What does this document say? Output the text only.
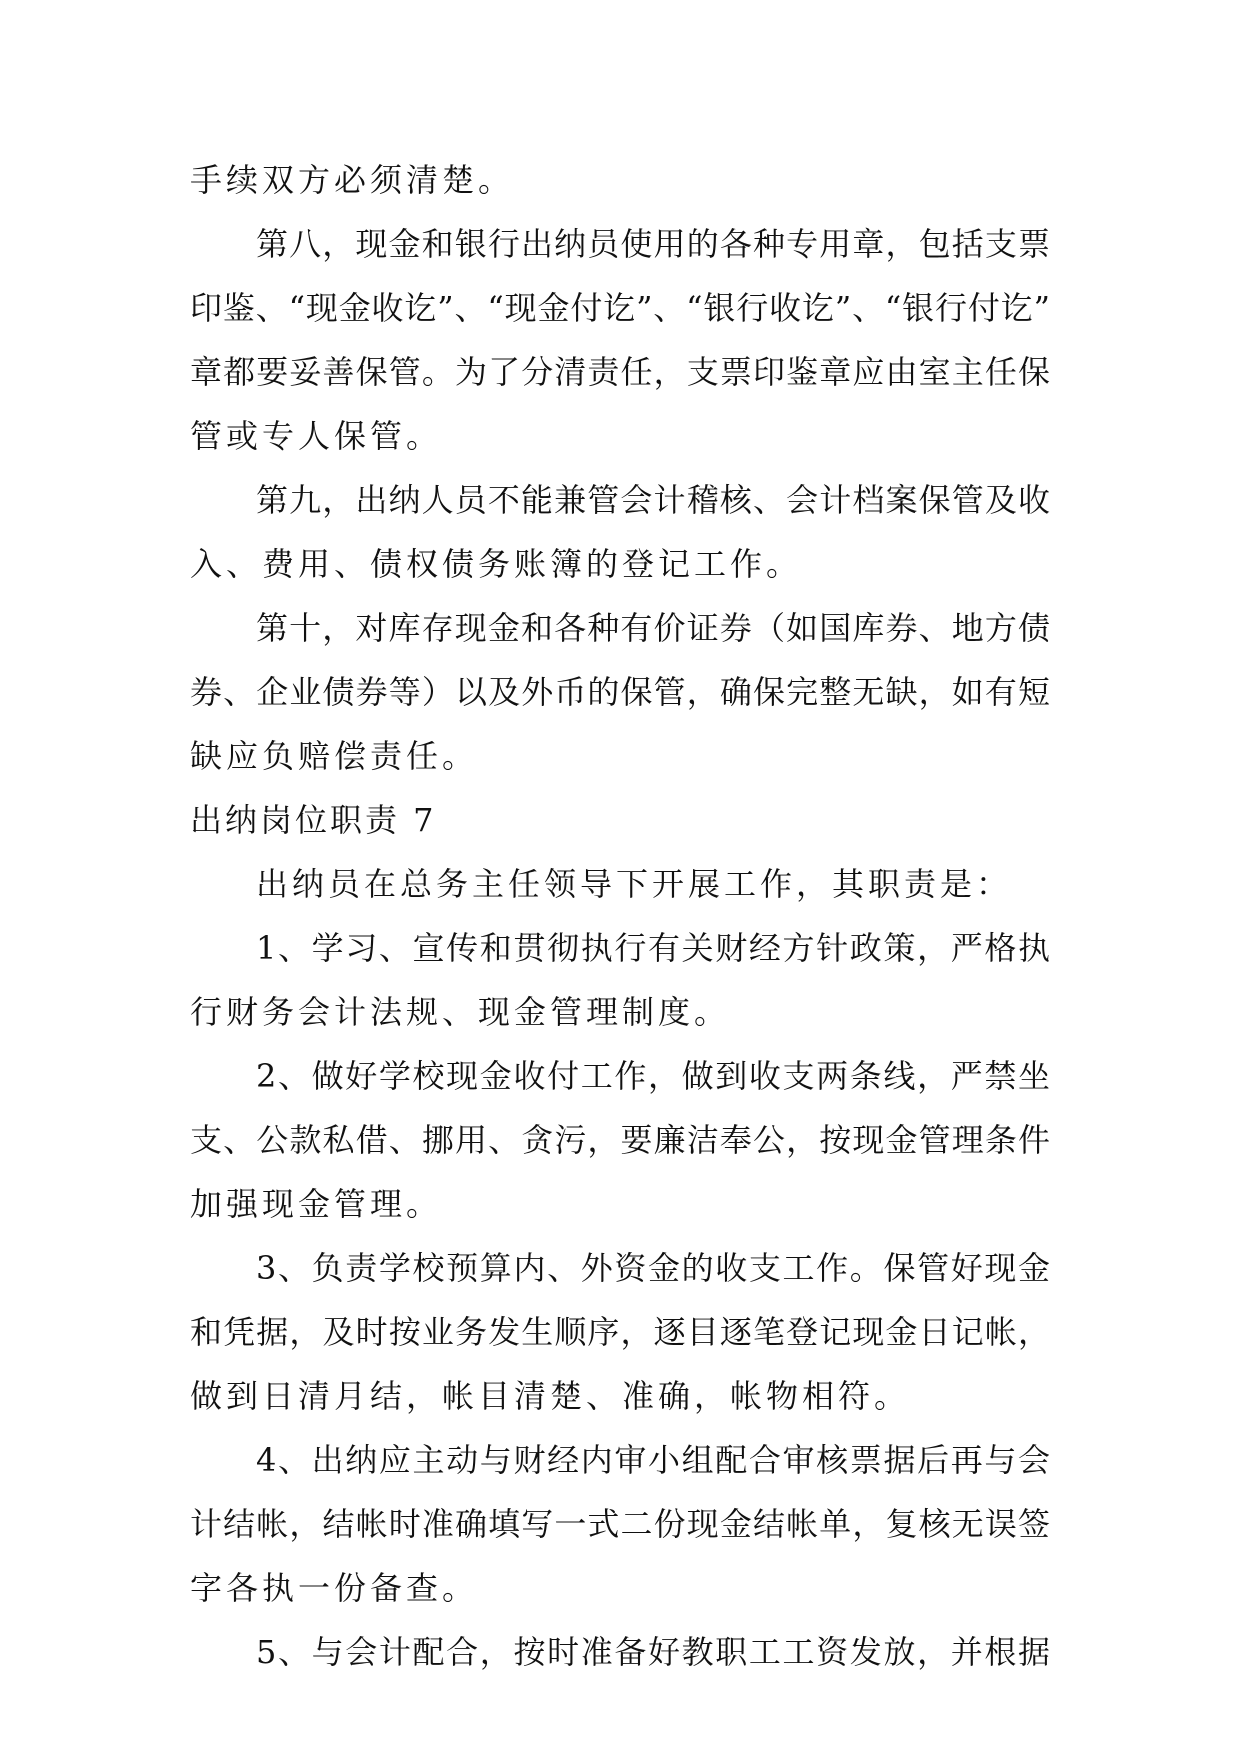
手续双方必须清楚。
第八，现金和银行出纳员使用的各种专用章，包括支票
印鉴、“现金收讫”、“现金付讫”、“银行收讫”、“银行付讫”
章都要妥善保管。为了分清责任，支票印鉴章应由室主任保
管或专人保管。
第九，出纳人员不能兼管会计稽核、会计档案保管及收
入、费用、债权债务账簿的登记工作。
第十，对库存现金和各种有价证券（如国库券、地方债
券、企业债券等）以及外币的保管，确保完整无缺，如有短
缺应负赔偿责任。
出纳岗位职责 7
出纳员在总务主任领导下开展工作，其职责是：
1、学习、宣传和贯彻执行有关财经方针政策，严格执
行财务会计法规、现金管理制度。
2、做好学校现金收付工作，做到收支两条线，严禁坐
支、公款私借、挪用、贪污，要廉洁奉公，按现金管理条件
加强现金管理。
3、负责学校预算内、外资金的收支工作。保管好现金
和凭据，及时按业务发生顺序，逐目逐笔登记现金日记帐，
做到日清月结，帐目清楚、准确，帐物相符。
4、出纳应主动与财经内审小组配合审核票据后再与会
计结帐，结帐时准确填写一式二份现金结帐单，复核无误签
字各执一份备查。
5、与会计配合，按时准备好教职工工资发放，并根据
